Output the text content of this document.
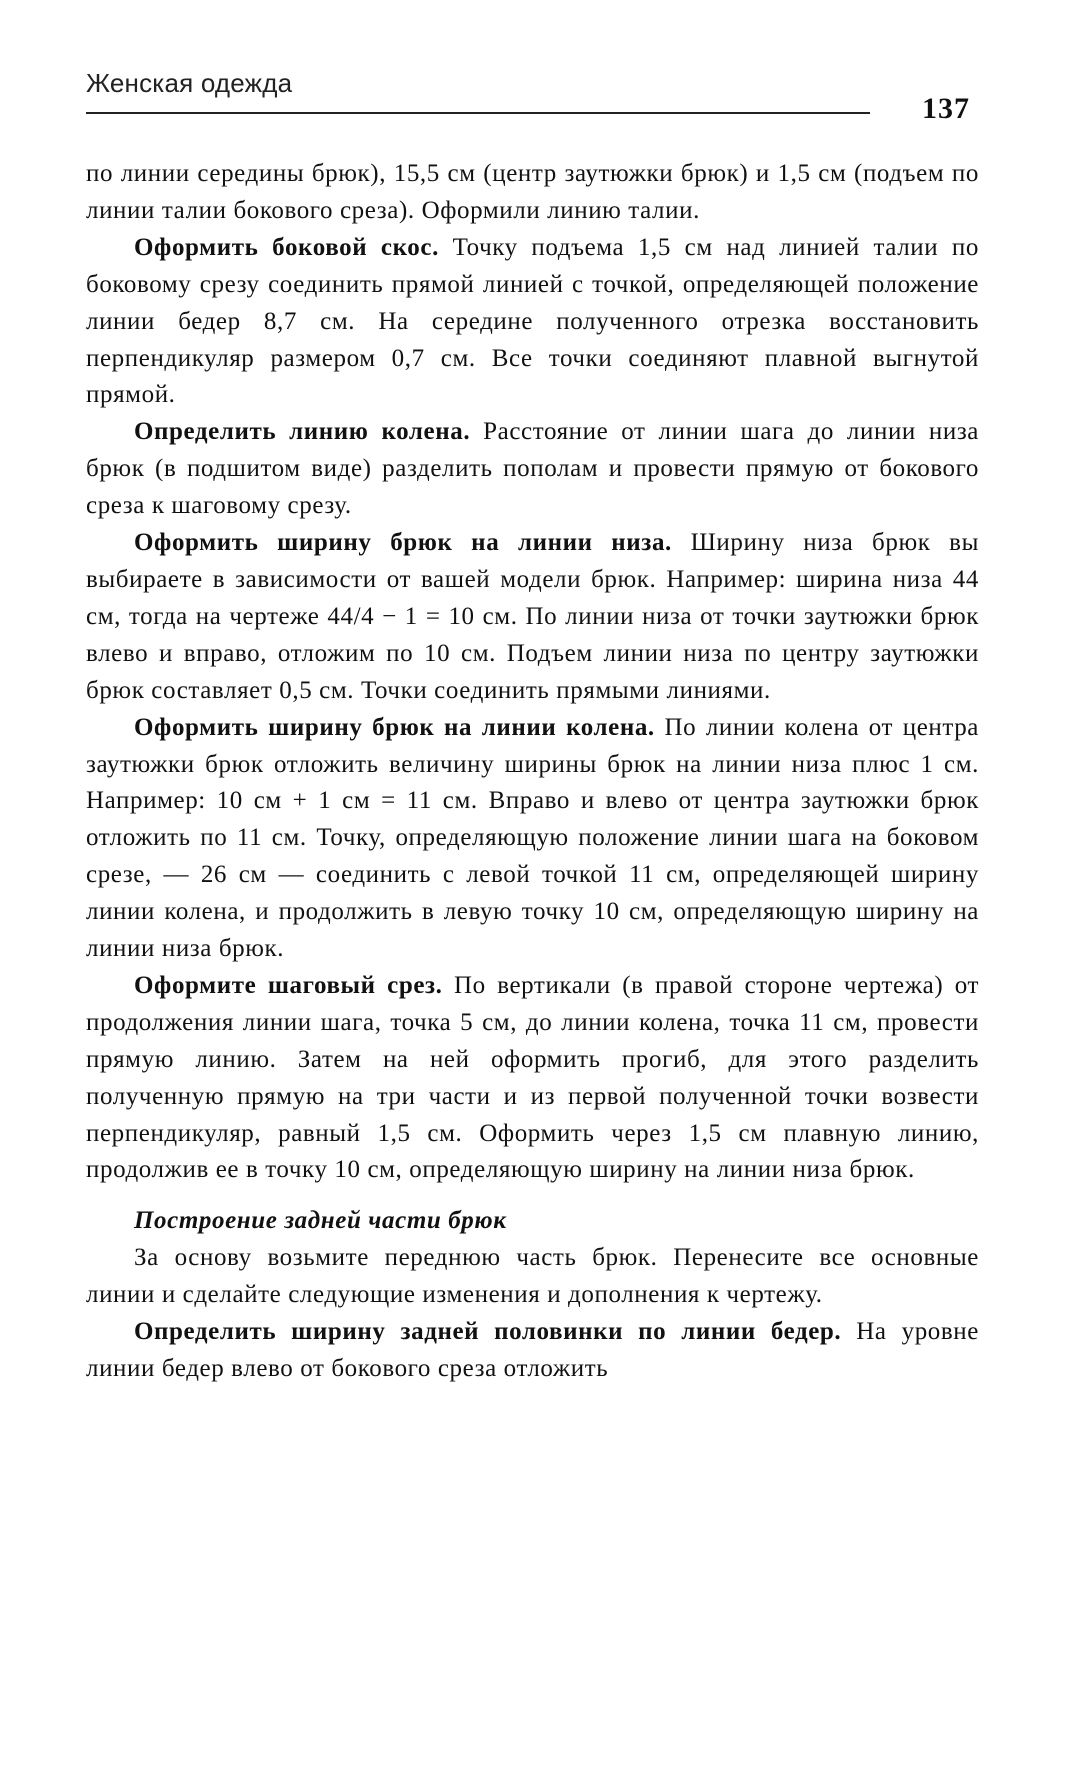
Женская одежда
137

по линии середины брюк), 15,5 см (центр заутюжки брюк) и 1,5 см (подъем по линии талии бокового среза). Оформили линию талии.

Оформить боковой скос. Точку подъема 1,5 см над линией талии по боковому срезу соединить прямой линией с точкой, определяющей положение линии бедер 8,7 см. На середине полученного отрезка восстановить перпендикуляр размером 0,7 см. Все точки соединяют плавной выгнутой прямой.

Определить линию колена. Расстояние от линии шага до линии низа брюк (в подшитом виде) разделить пополам и провести прямую от бокового среза к шаговому срезу.

Оформить ширину брюк на линии низа. Ширину низа брюк вы выбираете в зависимости от вашей модели брюк. Например: ширина низа 44 см, тогда на чертеже 44/4 − 1 = 10 см. По линии низа от точки заутюжки брюк влево и вправо, отложим по 10 см. Подъем линии низа по центру заутюжки брюк составляет 0,5 см. Точки соединить прямыми линиями.

Оформить ширину брюк на линии колена. По линии колена от центра заутюжки брюк отложить величину ширины брюк на линии низа плюс 1 см. Например: 10 см + 1 см = 11 см. Вправо и влево от центра заутюжки брюк отложить по 11 см. Точку, определяющую положение линии шага на боковом срезе, — 26 см — соединить с левой точкой 11 см, определяющей ширину линии колена, и продолжить в левую точку 10 см, определяющую ширину на линии низа брюк.

Оформите шаговый срез. По вертикали (в правой стороне чертежа) от продолжения линии шага, точка 5 см, до линии колена, точка 11 см, провести прямую линию. Затем на ней оформить прогиб, для этого разделить полученную прямую на три части и из первой полученной точки возвести перпендикуляр, равный 1,5 см. Оформить через 1,5 см плавную линию, продолжив ее в точку 10 см, определяющую ширину на линии низа брюк.

Построение задней части брюк

За основу возьмите переднюю часть брюк. Перенесите все основные линии и сделайте следующие изменения и дополнения к чертежу.

Определить ширину задней половинки по линии бедер. На уровне линии бедер влево от бокового среза отложить
